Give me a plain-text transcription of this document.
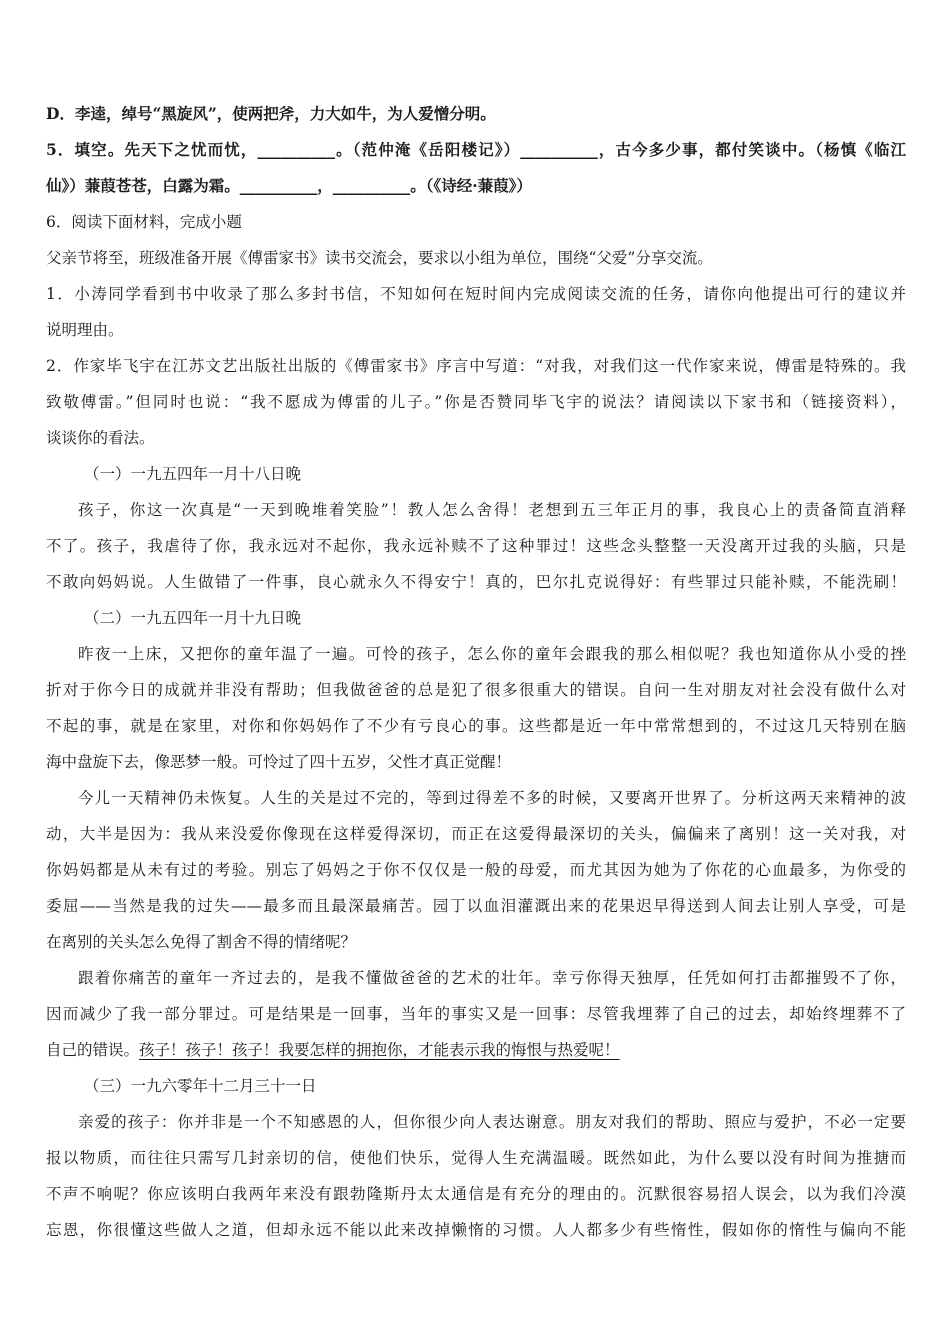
D．李逵，绰号“黑旋风”，使两把斧，力大如牛，为人爱憎分明。
5．填空。先天下之忧而忧，__________。（范仲淹《岳阳楼记》）__________，古今多少事，都付笑谈中。（杨慎《临江
仙》）蒹葭苍苍，白露为霜。__________，__________。（《诗经·蒹葭》）
6．阅读下面材料，完成小题
父亲节将至，班级准备开展《傅雷家书》读书交流会，要求以小组为单位，围绕“父爱”分享交流。
1．小涛同学看到书中收录了那么多封书信，不知如何在短时间内完成阅读交流的任务，请你向他提出可行的建议并
说明理由。
2．作家毕飞宇在江苏文艺出版社出版的《傅雷家书》序言中写道：“对我，对我们这一代作家来说，傅雷是特殊的。我
致敬傅雷。”但同时也说：“我不愿成为傅雷的儿子。”你是否赞同毕飞宇的说法？请阅读以下家书和（链接资料），
谈谈你的看法。
（一）一九五四年一月十八日晚
孩子，你这一次真是“一天到晚堆着笑脸”！教人怎么舍得！老想到五三年正月的事，我良心上的责备简直消释
不了。孩子，我虐待了你，我永远对不起你，我永远补赎不了这种罪过！这些念头整整一天没离开过我的头脑，只是
不敢向妈妈说。人生做错了一件事，良心就永久不得安宁！真的，巴尔扎克说得好：有些罪过只能补赎，不能洗刷！
（二）一九五四年一月十九日晚
昨夜一上床，又把你的童年温了一遍。可怜的孩子，怎么你的童年会跟我的那么相似呢？我也知道你从小受的挫
折对于你今日的成就并非没有帮助；但我做爸爸的总是犯了很多很重大的错误。自问一生对朋友对社会没有做什么对
不起的事，就是在家里，对你和你妈妈作了不少有亏良心的事。这些都是近一年中常常想到的，不过这几天特别在脑
海中盘旋下去，像恶梦一般。可怜过了四十五岁，父性才真正觉醒！
今儿一天精神仍未恢复。人生的关是过不完的，等到过得差不多的时候，又要离开世界了。分析这两天来精神的波
动，大半是因为：我从来没爱你像现在这样爱得深切，而正在这爱得最深切的关头，偏偏来了离别！这一关对我，对
你妈妈都是从未有过的考验。别忘了妈妈之于你不仅仅是一般的母爱，而尤其因为她为了你花的心血最多，为你受的
委屈——当然是我的过失——最多而且最深最痛苦。园丁以血泪灌溉出来的花果迟早得送到人间去让别人享受，可是
在离别的关头怎么免得了割舍不得的情绪呢？
跟着你痛苦的童年一齐过去的，是我不懂做爸爸的艺术的壮年。幸亏你得天独厚，任凭如何打击都摧毁不了你，
因而减少了我一部分罪过。可是结果是一回事，当年的事实又是一回事：尽管我埋葬了自己的过去，却始终埋葬不了
自己的错误。孩子！孩子！孩子！我要怎样的拥抱你，才能表示我的悔恨与热爱呢！
（三）一九六零年十二月三十一日
亲爱的孩子：你并非是一个不知感恩的人，但你很少向人表达谢意。朋友对我们的帮助、照应与爱护，不必一定要
报以物质，而往往只需写几封亲切的信，使他们快乐，觉得人生充满温暖。既然如此，为什么要以没有时间为推搪而
不声不响呢？你应该明白我两年来没有跟勃隆斯丹太太通信是有充分的理由的。沉默很容易招人误会，以为我们冷漠
忘恩，你很懂这些做人之道，但却永远不能以此来改掉懒惰的习惯。人人都多少有些惰性，假如你的惰性与偏向不能
